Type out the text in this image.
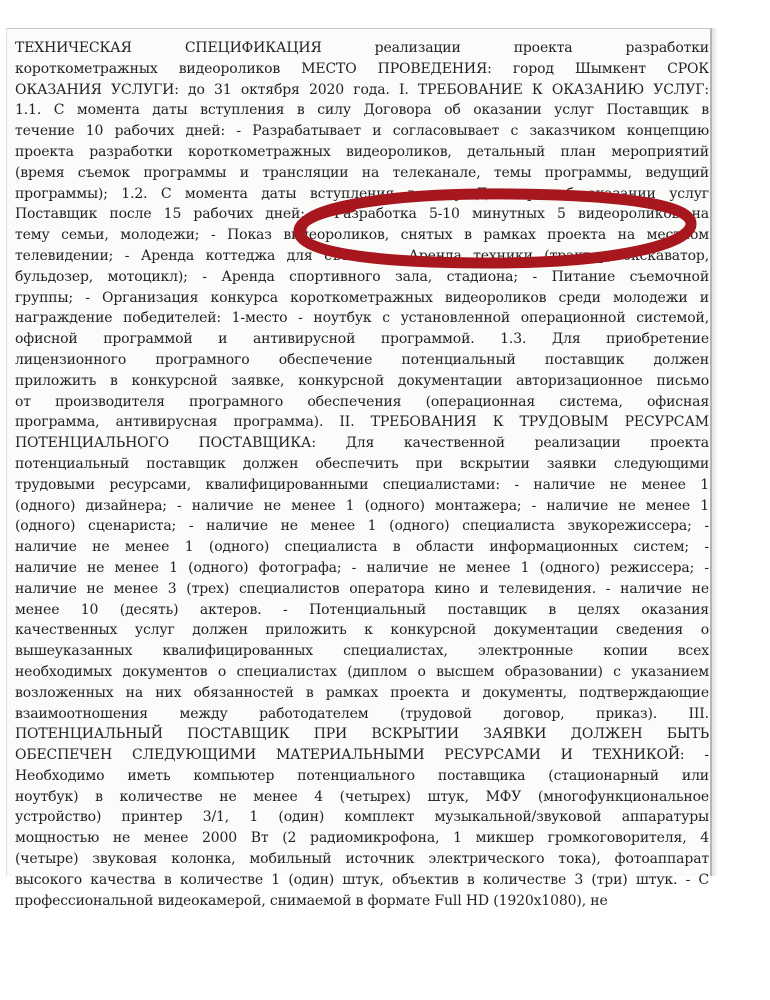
ТЕХНИЧЕСКАЯ СПЕЦИФИКАЦИЯ реализации проекта разработки
короткометражных видеороликов МЕСТО ПРОВЕДЕНИЯ: город Шымкент СРОК
ОКАЗАНИЯ УСЛУГИ: до 31 октября 2020 года. I. ТРЕБОВАНИЕ К ОКАЗАНИЮ УСЛУГ:
1.1. С момента даты вступления в силу Договора об оказании услуг Поставщик в
течение 10 рабочих дней: - Разрабатывает и согласовывает с заказчиком концепцию
проекта разработки короткометражных видеороликов, детальный план мероприятий
(время съемок программы и трансляции на телеканале, темы программы, ведущий
программы); 1.2. С момента даты вступления в силу Договора об оказании услуг
Поставщик после 15 рабочих дней: - Разработка 5-10 минутных 5 видеороликов на
тему семьи, молодежи; - Показ видеороликов, снятых в рамках проекта на местном
телевидении; - Аренда коттеджа для съемок; - Аренда техники (трактор, экскаватор,
бульдозер, мотоцикл); - Аренда спортивного зала, стадиона; - Питание съемочной
группы; - Организация конкурса короткометражных видеороликов среди молодежи и
награждение победителей: 1-место - ноутбук с установленной операционной системой,
офисной программой и антивирусной программой. 1.3. Для приобретение
лицензионного програмного обеспечение потенциальный поставщик должен
приложить в конкурсной заявке, конкурсной документации авторизационное письмо
от производителя програмного обеспечения (операционная система, офисная
программа, антивирусная программа). II. ТРЕБОВАНИЯ К ТРУДОВЫМ РЕСУРСАМ
ПОТЕНЦИАЛЬНОГО ПОСТАВЩИКА: Для качественной реализации проекта
потенциальный поставщик должен обеспечить при вскрытии заявки следующими
трудовыми ресурсами, квалифицированными специалистами: - наличие не менее 1
(одного) дизайнера; - наличие не менее 1 (одного) монтажера; - наличие не менее 1
(одного) сценариста; - наличие не менее 1 (одного) специалиста звукорежиссера; -
наличие не менее 1 (одного) специалиста в области информационных систем; -
наличие не менее 1 (одного) фотографа; - наличие не менее 1 (одного) режиссера; -
наличие не менее 3 (трех) специалистов оператора кино и телевидения. - наличие не
менее 10 (десять) актеров. - Потенциальный поставщик в целях оказания
качественных услуг должен приложить к конкурсной документации сведения о
вышеуказанных квалифицированных специалистах, электронные копии всех
необходимых документов о специалистах (диплом о высшем образовании) с указанием
возложенных на них обязанностей в рамках проекта и документы, подтверждающие
взаимоотношения между работодателем (трудовой договор, приказ). III.
ПОТЕНЦИАЛЬНЫЙ ПОСТАВЩИК ПРИ ВСКРЫТИИ ЗАЯВКИ ДОЛЖЕН БЫТЬ
ОБЕСПЕЧЕН СЛЕДУЮЩИМИ МАТЕРИАЛЬНЫМИ РЕСУРСАМИ И ТЕХНИКОЙ: -
Необходимо иметь компьютер потенциального поставщика (стационарный или
ноутбук) в количестве не менее 4 (четырех) штук, МФУ (многофункциональное
устройство) принтер 3/1, 1 (один) комплект музыкальной/звуковой аппаратуры
мощностью не менее 2000 Вт (2 радиомикрофона, 1 микшер громкоговорителя, 4
(четыре) звуковая колонка, мобильный источник электрического тока), фотоаппарат
высокого качества в количестве 1 (один) штук, объектив в количестве 3 (три) штук. - С
профессиональной видеокамерой, снимаемой в формате Full HD (1920x1080), не
